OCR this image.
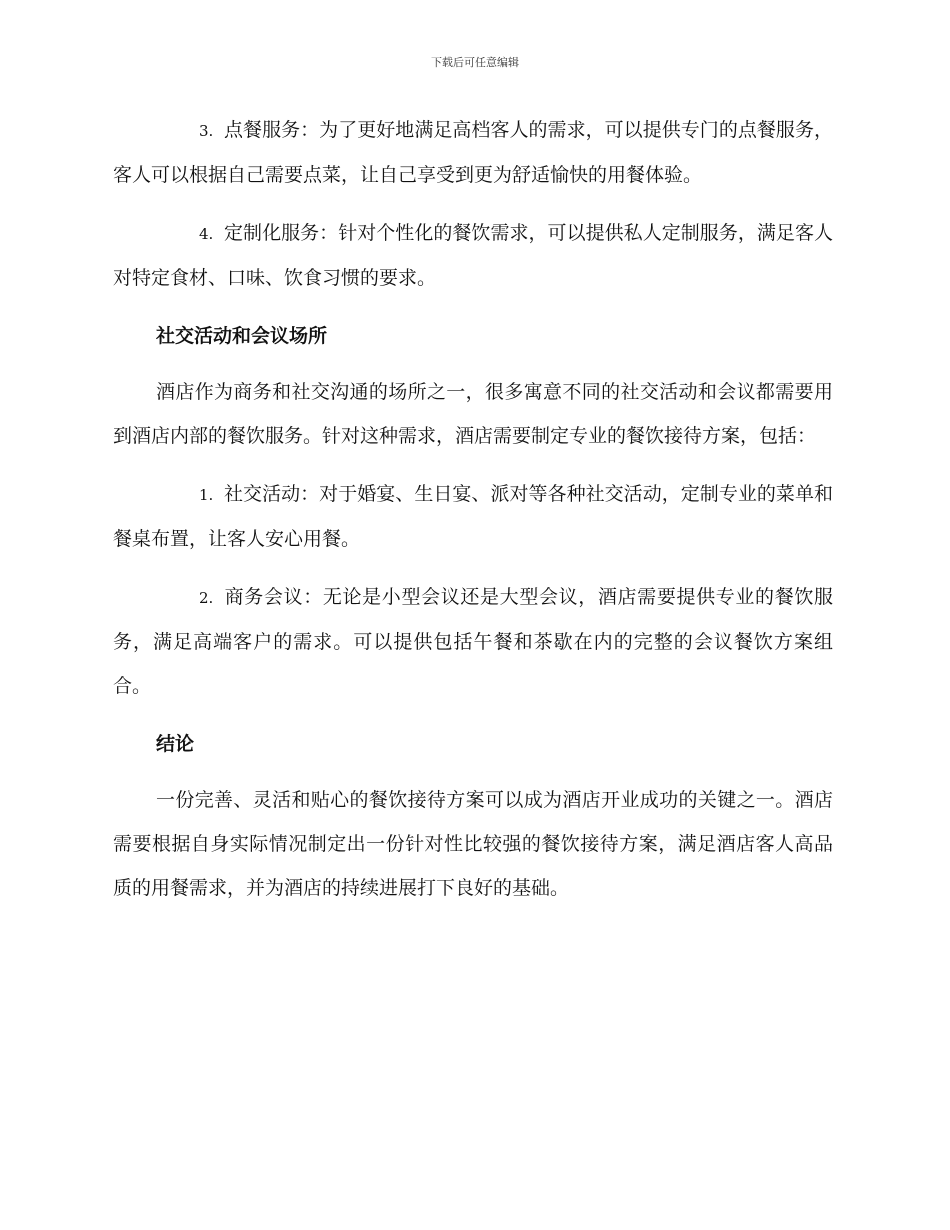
下载后可任意编辑

3. 点餐服务：为了更好地满足高档客人的需求，可以提供专门的点餐服务，客人可以根据自己需要点菜，让自己享受到更为舒适愉快的用餐体验。

4. 定制化服务：针对个性化的餐饮需求，可以提供私人定制服务，满足客人对特定食材、口味、饮食习惯的要求。

社交活动和会议场所

酒店作为商务和社交沟通的场所之一，很多寓意不同的社交活动和会议都需要用到酒店内部的餐饮服务。针对这种需求，酒店需要制定专业的餐饮接待方案，包括：

1. 社交活动：对于婚宴、生日宴、派对等各种社交活动，定制专业的菜单和餐桌布置，让客人安心用餐。

2. 商务会议：无论是小型会议还是大型会议，酒店需要提供专业的餐饮服务，满足高端客户的需求。可以提供包括午餐和茶歇在内的完整的会议餐饮方案组合。

结论

一份完善、灵活和贴心的餐饮接待方案可以成为酒店开业成功的关键之一。酒店需要根据自身实际情况制定出一份针对性比较强的餐饮接待方案，满足酒店客人高品质的用餐需求，并为酒店的持续进展打下良好的基础。
